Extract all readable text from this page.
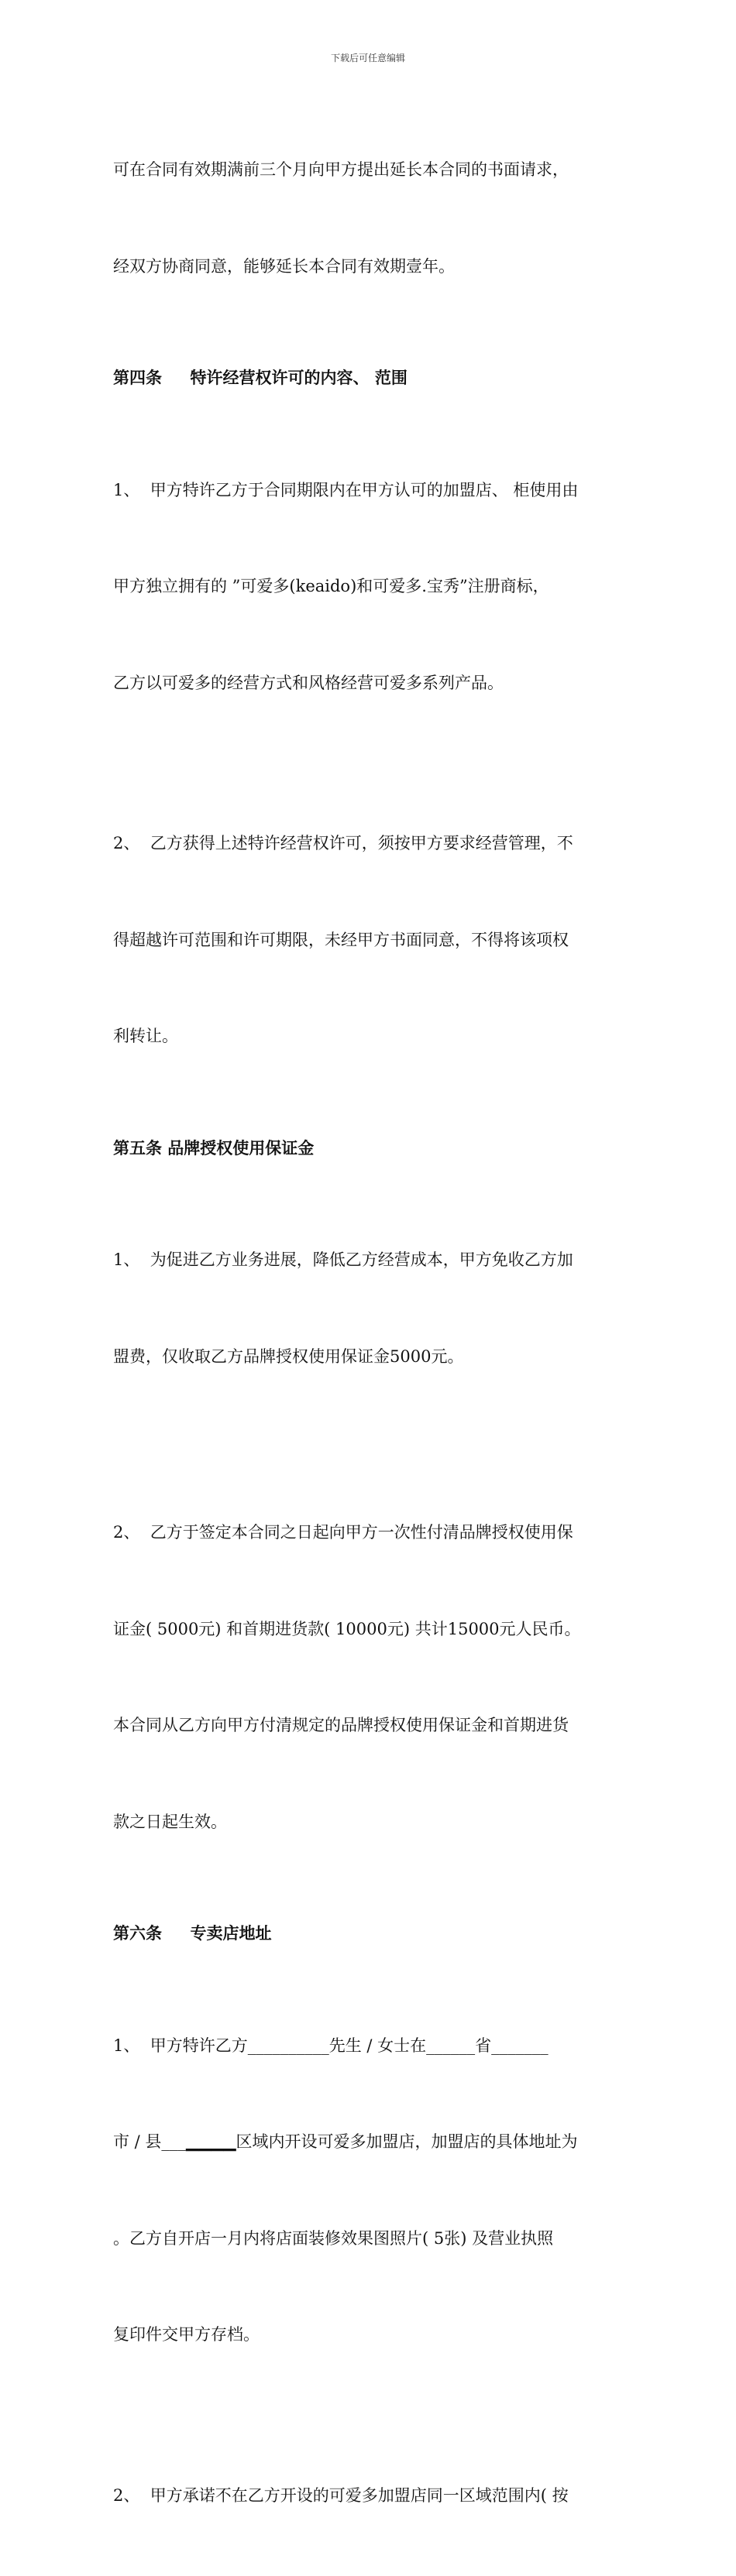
下载后可任意编辑

可在合同有效期满前三个月向甲方提出延长本合同的书面请求，

经双方协商同意，能够延长本合同有效期壹年。

第四条     特许经营权许可的内容、 范围

1、  甲方特许乙方于合同期限内在甲方认可的加盟店、 柜使用由

甲方独立拥有的 ”可爱多(keaido)和可爱多.宝秀”注册商标，

乙方以可爱多的经营方式和风格经营可爱多系列产品。

2、  乙方获得上述特许经营权许可，须按甲方要求经营管理，不

得超越许可范围和许可期限，未经甲方书面同意，不得将该项权

利转让。

第五条 品牌授权使用保证金

1、  为促进乙方业务进展，降低乙方经营成本，甲方免收乙方加

盟费，仅收取乙方品牌授权使用保证金5000元。

2、  乙方于签定本合同之日起向甲方一次性付清品牌授权使用保

证金( 5000元) 和首期进货款( 10000元) 共计15000元人民币。

本合同从乙方向甲方付清规定的品牌授权使用保证金和首期进货

款之日起生效。

第六条     专卖店地址

1、  甲方特许乙方__________先生 / 女士在______省_______

市 / 县___▁▁▁▁区域内开设可爱多加盟店，加盟店的具体地址为

。乙方自开店一月内将店面装修效果图照片( 5张) 及营业执照

复印件交甲方存档。

2、  甲方承诺不在乙方开设的可爱多加盟店同一区域范围内( 按
